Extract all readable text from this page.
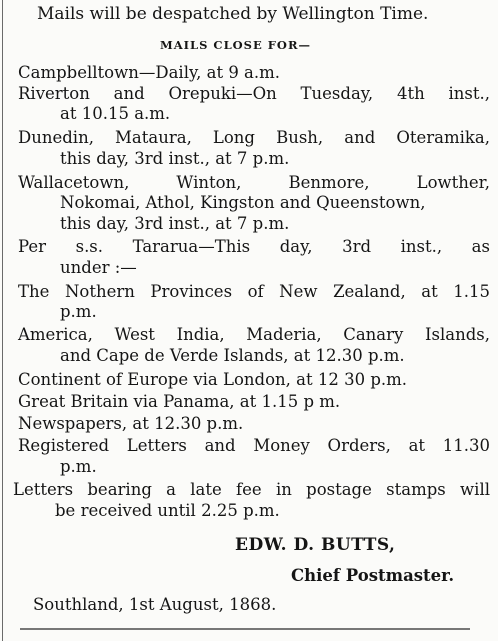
Mails will be despatched by Wellington Time.
MAILS CLOSE FOR—
Campbelltown—Daily, at 9 a.m.
Riverton and Orepuki—On Tuesday, 4th inst.,
at 10.15 a.m.
Dunedin, Mataura, Long Bush, and Oteramika,
this day, 3rd inst., at 7 p.m.
Wallacetown, Winton, Benmore, Lowther,
Nokomai, Athol, Kingston and Queenstown,
this day, 3rd inst., at 7 p.m.
Per s.s. Tararua—This day, 3rd inst., as
under :—
The Nothern Provinces of New Zealand, at 1.15
p.m.
America, West India, Maderia, Canary Islands,
and Cape de Verde Islands, at 12.30 p.m.
Continent of Europe via London, at 12 30 p.m.
Great Britain via Panama, at 1.15 p m.
Newspapers, at 12.30 p.m.
Registered Letters and Money Orders, at 11.30
p.m.
Letters bearing a late fee in postage stamps will
be received until 2.25 p.m.
EDW. D. BUTTS,
Chief Postmaster.
Southland, 1st August, 1868.
